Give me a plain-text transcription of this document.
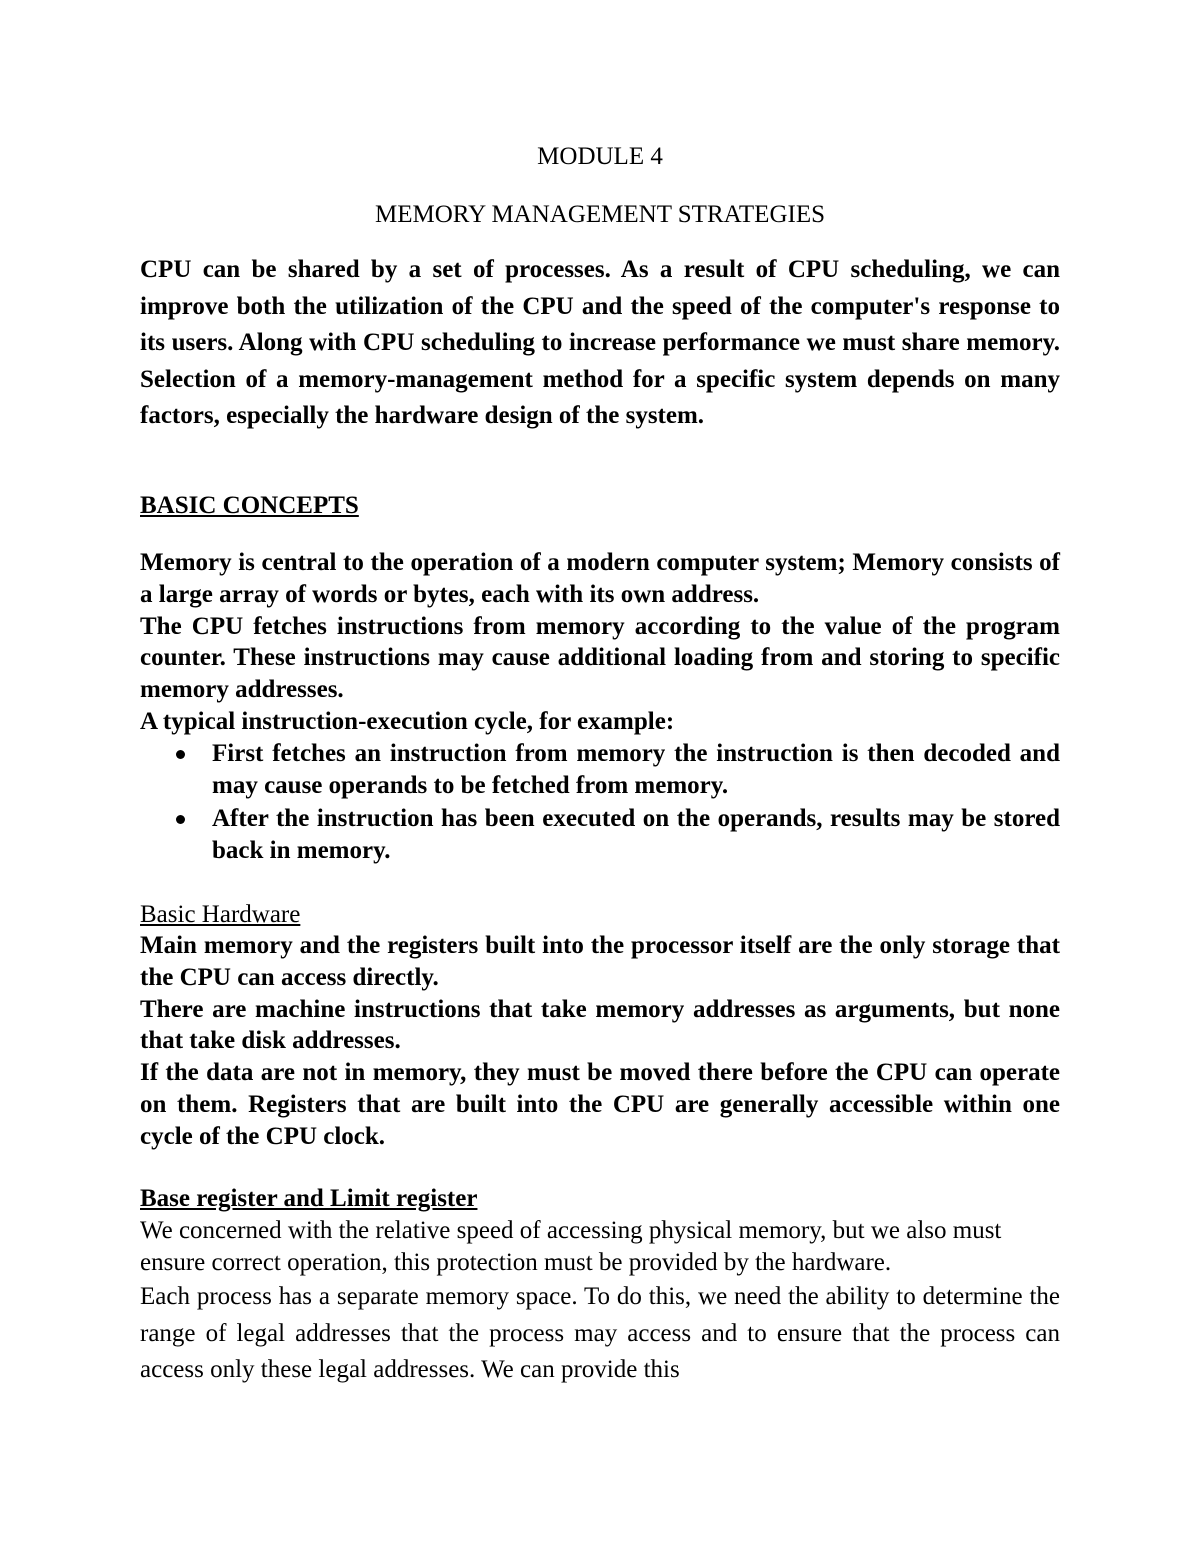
MODULE 4
MEMORY MANAGEMENT STRATEGIES

CPU can be shared by a set of processes. As a result of CPU scheduling, we can improve both the utilization of the CPU and the speed of the computer's response to its users. Along with CPU scheduling to increase performance we must share memory. Selection of a memory-management method for a specific system depends on many factors, especially the hardware design of the system.

BASIC CONCEPTS

Memory is central to the operation of a modern computer system; Memory consists of a large array of words or bytes, each with its own address.

The CPU fetches instructions from memory according to the value of the program counter. These instructions may cause additional loading from and storing to specific memory addresses.

A typical instruction-execution cycle, for example:

First fetches an instruction from memory the instruction is then decoded and may cause operands to be fetched from memory.
After the instruction has been executed on the operands, results may be stored back in memory.
Basic Hardware

Main memory and the registers built into the processor itself are the only storage that the CPU can access directly.

There are machine instructions that take memory addresses as arguments, but none that take disk addresses.

If the data are not in memory, they must be moved there before the CPU can operate on them. Registers that are built into the CPU are generally accessible within one cycle of the CPU clock.

Base register and Limit register

We concerned with the relative speed of accessing physical memory, but we also must ensure correct operation, this protection must be provided by the hardware.

Each process has a separate memory space. To do this, we need the ability to determine the range of legal addresses that the process may access and to ensure that the process can access only these legal addresses. We can provide this
